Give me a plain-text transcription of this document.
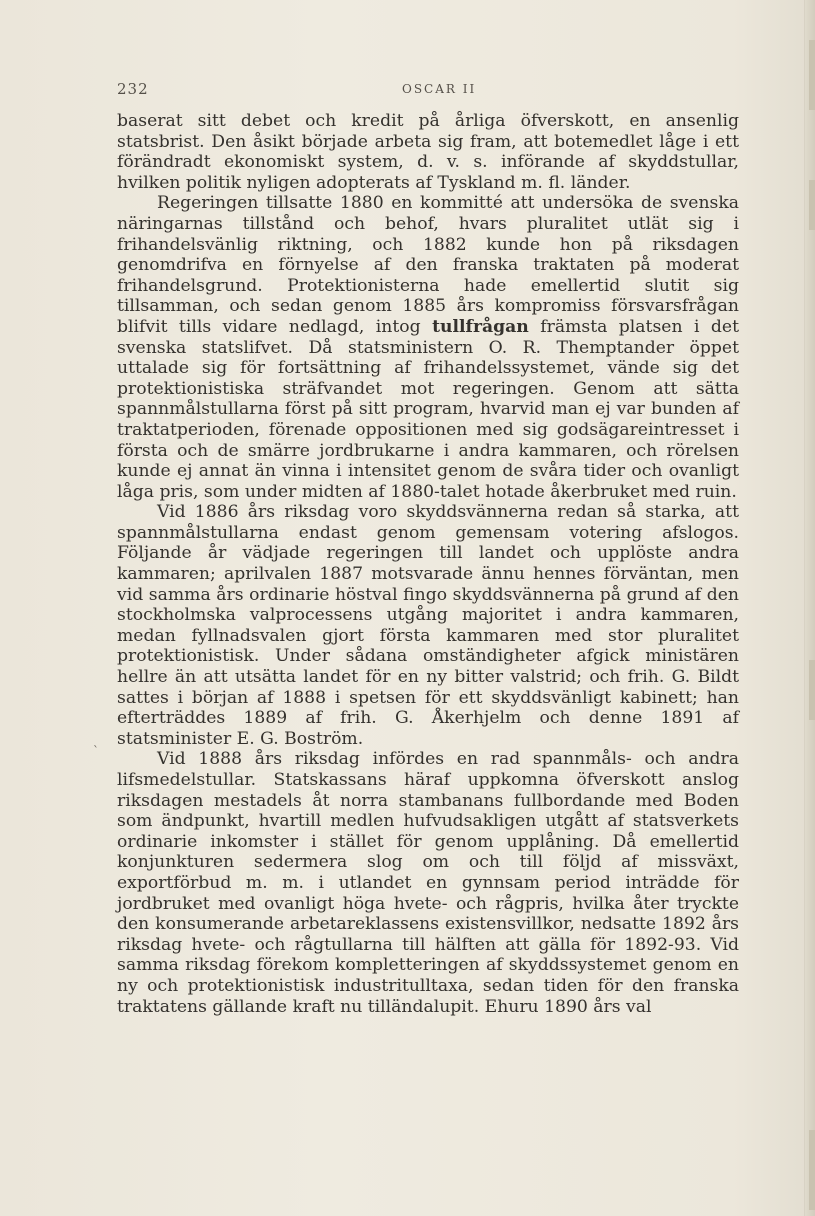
232	OSCAR II
`

baserat sitt debet och kredit på årliga öfverskott, en ansenlig statsbrist. Den åsikt började arbeta sig fram, att botemedlet låge i ett förändradt ekonomiskt system, d. v. s. införande af skyddstullar, hvilken politik nyligen adopterats af Tyskland m. fl. länder.

Regeringen tillsatte 1880 en kommitté att undersöka de svenska näringarnas tillstånd och behof, hvars pluralitet utlät sig i frihandelsvänlig riktning, och 1882 kunde hon på riksdagen genomdrifva en förnyelse af den franska traktaten på moderat frihandelsgrund. Protektionisterna hade emellertid slutit sig tillsamman, och sedan genom 1885 års kompromiss försvarsfrågan blifvit tills vidare nedlagd, intog tullfrågan främsta platsen i det svenska statslifvet. Då statsministern O. R. Themptander öppet uttalade sig för fortsättning af frihandelssystemet, vände sig det protektionistiska sträfvandet mot regeringen. Genom att sätta spannmålstullarna först på sitt program, hvarvid man ej var bunden af traktatperioden, förenade oppositionen med sig godsägareintresset i första och de smärre jordbrukarne i andra kammaren, och rörelsen kunde ej annat än vinna i intensitet genom de svåra tider och ovanligt låga pris, som under midten af 1880-talet hotade åkerbruket med ruin.

Vid 1886 års riksdag voro skyddsvännerna redan så starka, att spannmålstullarna endast genom gemensam votering afslogos. Följande år vädjade regeringen till landet och upplöste andra kammaren; aprilvalen 1887 motsvarade ännu hennes förväntan, men vid samma års ordinarie höstval fingo skyddsvännerna på grund af den stockholmska valprocessens utgång majoritet i andra kammaren, medan fyllnadsvalen gjort första kammaren med stor pluralitet protektionistisk. Under sådana omständigheter afgick ministären hellre än att utsätta landet för en ny bitter valstrid; och frih. G. Bildt sattes i början af 1888 i spetsen för ett skyddsvänligt kabinett; han efterträddes 1889 af frih. G. Åkerhjelm och denne 1891 af statsminister E. G. Boström.

Vid 1888 års riksdag infördes en rad spannmåls- och andra lifsmedelstullar. Statskassans häraf uppkomna öfverskott anslog riksdagen mestadels åt norra stambanans fullbordande med Boden som ändpunkt, hvartill medlen hufvudsakligen utgått af statsverkets ordinarie inkomster i stället för genom upplåning. Då emellertid konjunkturen sedermera slog om och till följd af missväxt, exportförbud m. m. i utlandet en gynnsam period inträdde för jordbruket med ovanligt höga hvete- och rågpris, hvilka åter tryckte den konsumerande arbetareklassens existensvillkor, nedsatte 1892 års riksdag hvete- och rågtullarna till hälften att gälla för 1892-93. Vid samma riksdag förekom kompletteringen af skyddssystemet genom en ny och protektionistisk industritulltaxa, sedan tiden för den franska traktatens gällande kraft nu tilländalupit. Ehuru 1890 års val
